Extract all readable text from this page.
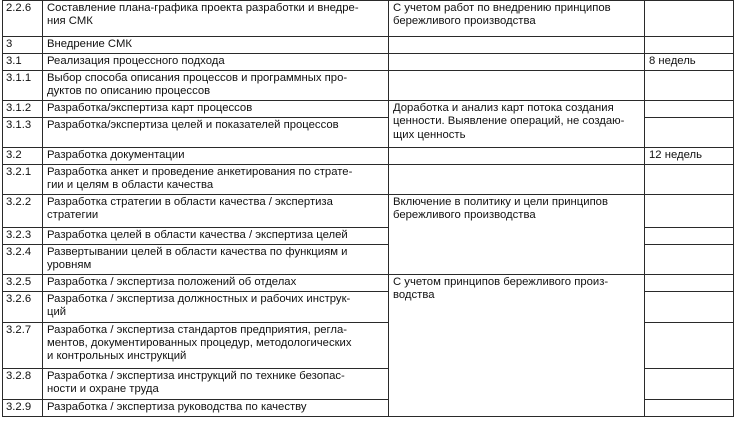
2.2.6	Составление плана-графика проекта разработки и внедре-
ния СМК	С учетом работ по внедрению принципов
бережливого производства	
3	Внедрение СМК		
3.1	Реализация процессного подхода		8 недель
3.1.1	Выбор способа описания процессов и программных про-
дуктов по описанию процессов		
3.1.2	Разработка/экспертиза карт процессов	Доработка и анализ карт потока создания
ценности. Выявление операций, не создаю-
щих ценность	
3.1.3	Разработка/экспертиза целей и показателей процессов		
3.2	Разработка документации		12 недель
3.2.1	Разработка анкет и проведение анкетирования по страте-
гии и целям в области качества		
3.2.2	Разработка стратегии в области качества / экспертиза
стратегии	Включение в политику и цели принципов
бережливого производства	
3.2.3	Разработка целей в области качества / экспертиза целей		
3.2.4	Развертывании целей в области качества по функциям и
уровням		
3.2.5	Разработка / экспертиза положений об отделах	С учетом принципов бережливого произ-
водства	
3.2.6	Разработка / экспертиза должностных и рабочих инструк-
ций		
3.2.7	Разработка / экспертиза стандартов предприятия, регла-
ментов, документированных процедур, методологических
и контрольных инструкций		
3.2.8	Разработка / экспертиза инструкций по технике безопас-
ности и охране труда		
3.2.9	Разработка / экспертиза руководства по качеству		
